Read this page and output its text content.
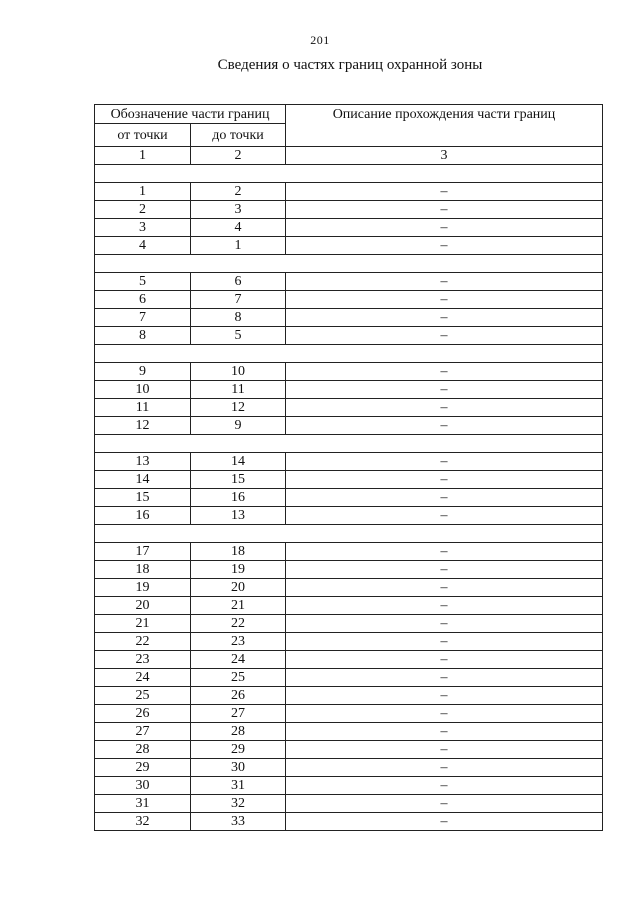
201
Сведения о частях границ охранной зоны
Обозначение части границ		Описание прохождения части границ
от точки	до точки	
1	2	3

1	2	–
2	3	–
3	4	–
4	1	–

5	6	–
6	7	–
7	8	–
8	5	–

9	10	–
10	11	–
11	12	–
12	9	–

13	14	–
14	15	–
15	16	–
16	13	–

17	18	–
18	19	–
19	20	–
20	21	–
21	22	–
22	23	–
23	24	–
24	25	–
25	26	–
26	27	–
27	28	–
28	29	–
29	30	–
30	31	–
31	32	–
32	33	–
